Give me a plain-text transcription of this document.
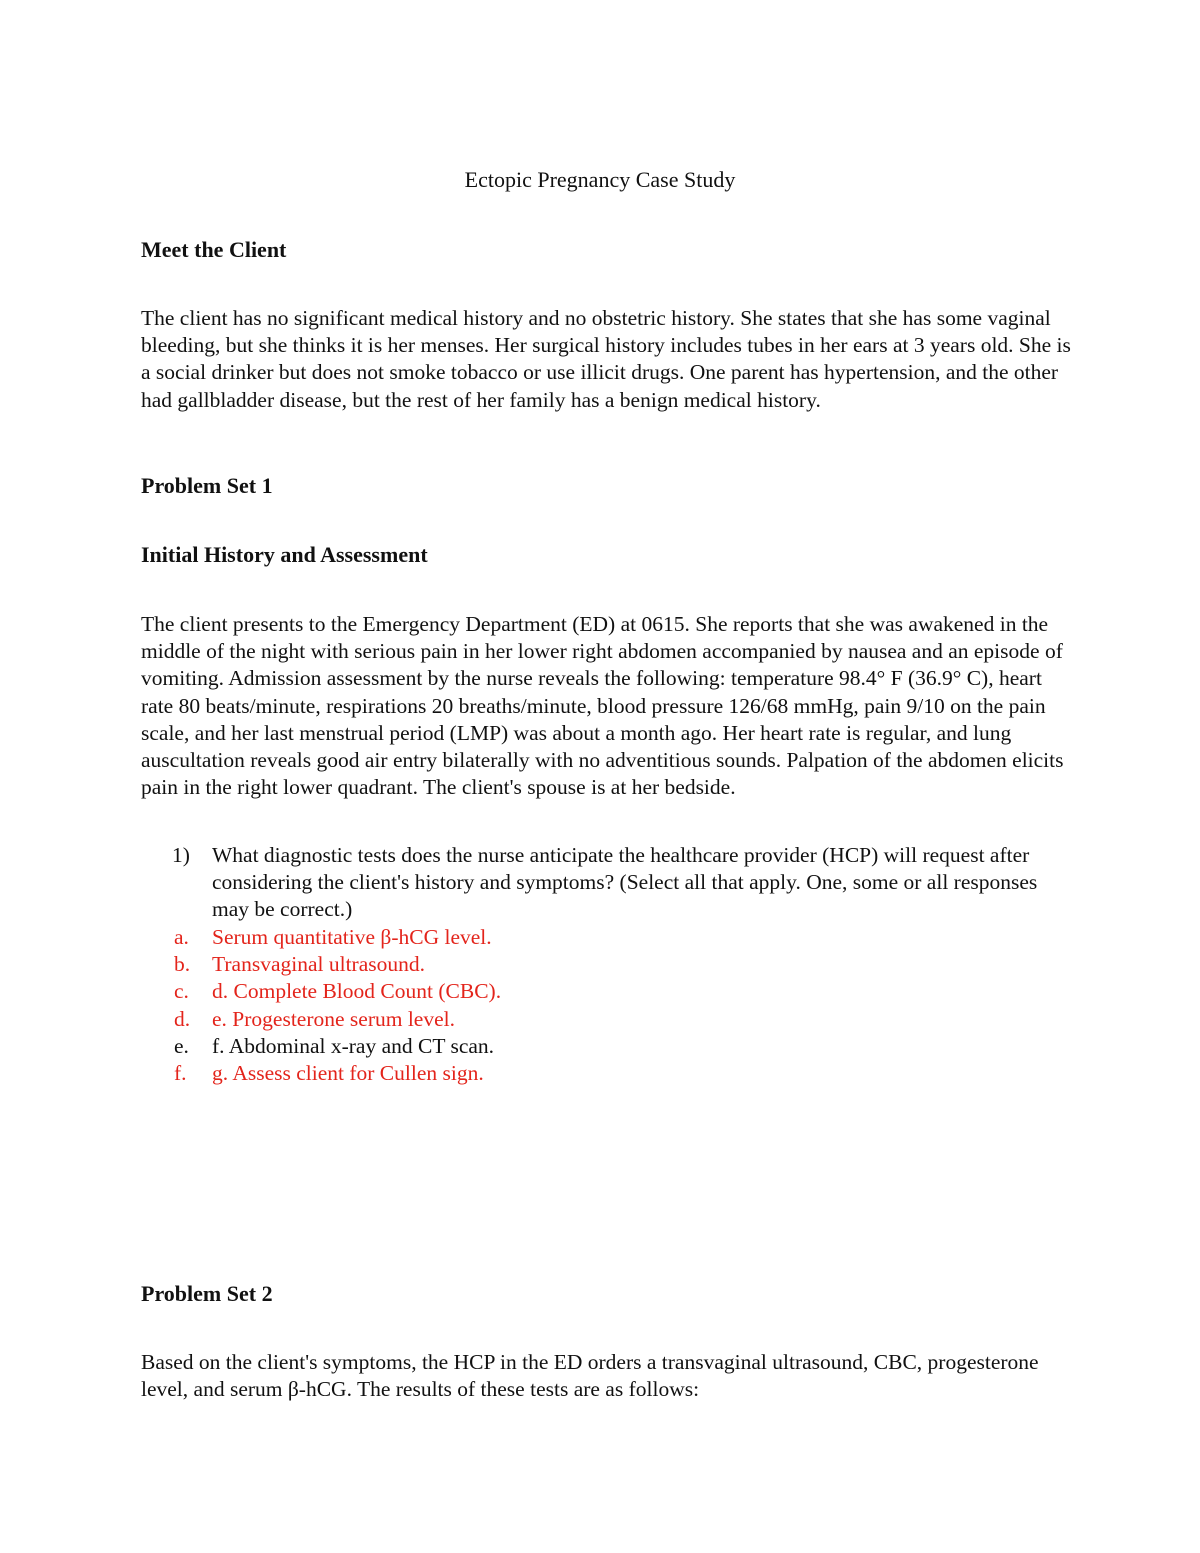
Ectopic Pregnancy Case Study
Meet the Client

The client has no significant medical history and no obstetric history. She states that she has some vaginal bleeding, but she thinks it is her menses. Her surgical history includes tubes in her ears at 3 years old. She is a social drinker but does not smoke tobacco or use illicit drugs. One parent has hypertension, and the other had gallbladder disease, but the rest of her family has a benign medical history.

Problem Set 1
Initial History and Assessment

The client presents to the Emergency Department (ED) at 0615. She reports that she was awakened in the middle of the night with serious pain in her lower right abdomen accompanied by nausea and an episode of vomiting. Admission assessment by the nurse reveals the following: temperature 98.4° F (36.9° C), heart rate 80 beats/minute, respirations 20 breaths/minute, blood pressure 126/68 mmHg, pain 9/10 on the pain scale, and her last menstrual period (LMP) was about a month ago. Her heart rate is regular, and lung auscultation reveals good air entry bilaterally with no adventitious sounds. Palpation of the abdomen elicits pain in the right lower quadrant. The client's spouse is at her bedside.

1) What diagnostic tests does the nurse anticipate the healthcare provider (HCP) will request after considering the client's history and symptoms? (Select all that apply. One, some or all responses may be correct.)
a. Serum quantitative β-hCG level.
b. Transvaginal ultrasound.
c. d. Complete Blood Count (CBC).
d. e. Progesterone serum level.
e. f. Abdominal x-ray and CT scan.
f. g. Assess client for Cullen sign.
Problem Set 2

Based on the client's symptoms, the HCP in the ED orders a transvaginal ultrasound, CBC, progesterone level, and serum β-hCG. The results of these tests are as follows:
